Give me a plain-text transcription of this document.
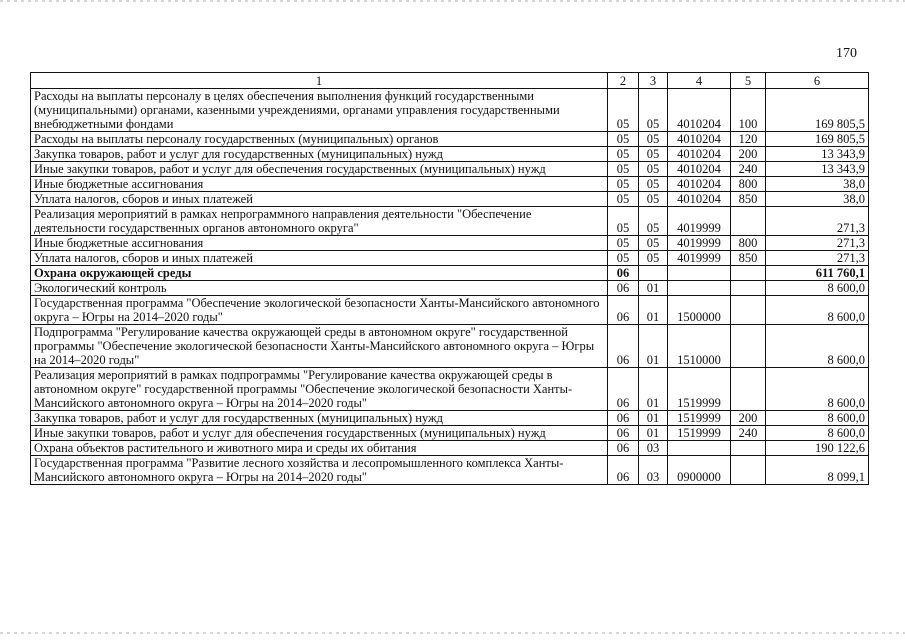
170
1	2	3	4	5	6
Расходы на выплаты персоналу в целях обеспечения выполнения функций государственными (муниципальными) органами, казенными учреждениями, органами управления государственными внебюджетными фондами	05	05	4010204	100	169 805,5
Расходы на выплаты персоналу государственных (муниципальных) органов	05	05	4010204	120	169 805,5
Закупка товаров, работ и услуг для государственных (муниципальных) нужд	05	05	4010204	200	13 343,9
Иные закупки товаров, работ и услуг для обеспечения государственных (муниципальных) нужд	05	05	4010204	240	13 343,9
Иные бюджетные ассигнования	05	05	4010204	800	38,0
Уплата налогов, сборов и иных платежей	05	05	4010204	850	38,0
Реализация мероприятий в рамках непрограммного направления деятельности "Обеспечение деятельности государственных органов автономного округа"	05	05	4019999		271,3
Иные бюджетные ассигнования	05	05	4019999	800	271,3
Уплата налогов, сборов и иных платежей	05	05	4019999	850	271,3
Охрана окружающей среды	06				611 760,1
Экологический контроль	06	01			8 600,0
Государственная программа "Обеспечение экологической безопасности Ханты-Мансийского автономного округа – Югры на 2014–2020 годы"	06	01	1500000		8 600,0
Подпрограмма "Регулирование качества окружающей среды в автономном округе" государственной программы "Обеспечение экологической безопасности Ханты-Мансийского автономного округа – Югры на 2014–2020 годы"	06	01	1510000		8 600,0
Реализация мероприятий в рамках подпрограммы "Регулирование качества окружающей среды в автономном округе" государственной программы "Обеспечение экологической безопасности Ханты-Мансийского автономного округа – Югры на 2014–2020 годы"	06	01	1519999		8 600,0
Закупка товаров, работ и услуг для государственных (муниципальных) нужд	06	01	1519999	200	8 600,0
Иные закупки товаров, работ и услуг для обеспечения государственных (муниципальных) нужд	06	01	1519999	240	8 600,0
Охрана объектов растительного и животного мира и среды их обитания	06	03			190 122,6
Государственная программа "Развитие лесного хозяйства и лесопромышленного комплекса Ханты-Мансийского автономного округа – Югры на 2014–2020 годы"	06	03	0900000		8 099,1
